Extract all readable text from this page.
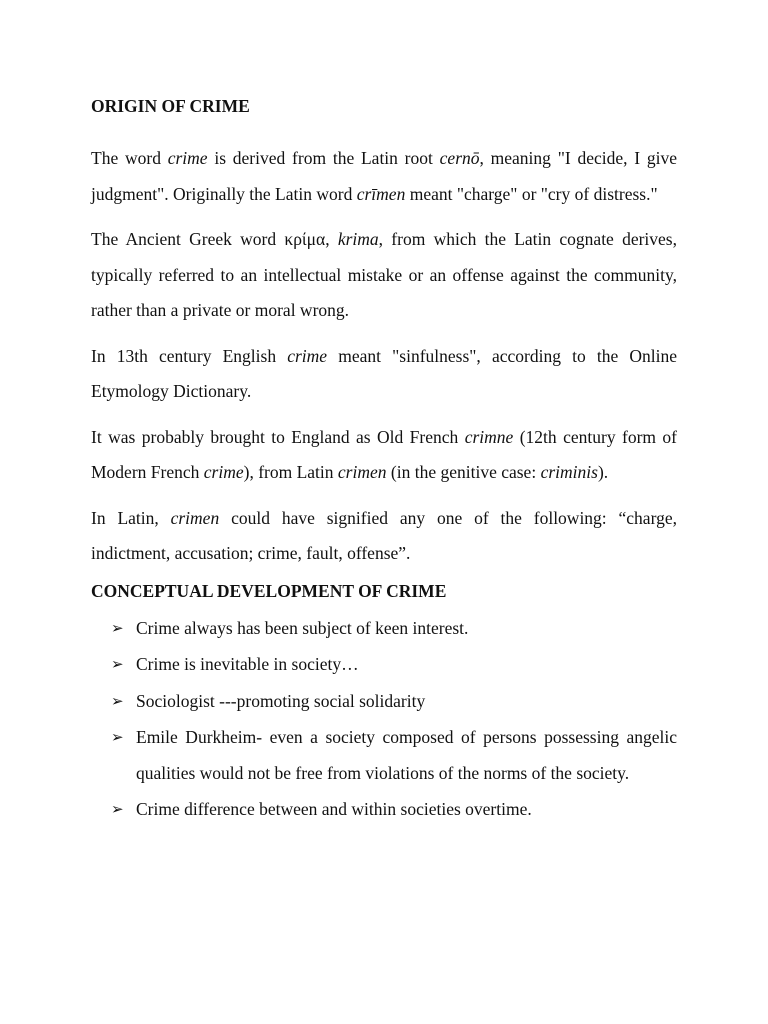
ORIGIN OF CRIME

The word crime is derived from the Latin root cernō, meaning "I decide, I give judgment". Originally the Latin word crīmen meant "charge" or "cry of distress."

The Ancient Greek word κρίμα, krima, from which the Latin cognate derives, typically referred to an intellectual mistake or an offense against the community, rather than a private or moral wrong.

In 13th century English crime meant "sinfulness", according to the Online Etymology Dictionary.

It was probably brought to England as Old French crimne (12th century form of Modern French crime), from Latin crimen (in the genitive case: criminis).

In Latin, crimen could have signified any one of the following: “charge, indictment, accusation; crime, fault, offense”.

CONCEPTUAL DEVELOPMENT OF CRIME
➢ Crime always has been subject of keen interest.
➢ Crime is inevitable in society…
➢ Sociologist ---promoting social solidarity
➢ Emile Durkheim- even a society composed of persons possessing angelic qualities would not be free from violations of the norms of the society.
➢ Crime difference between and within societies overtime.
